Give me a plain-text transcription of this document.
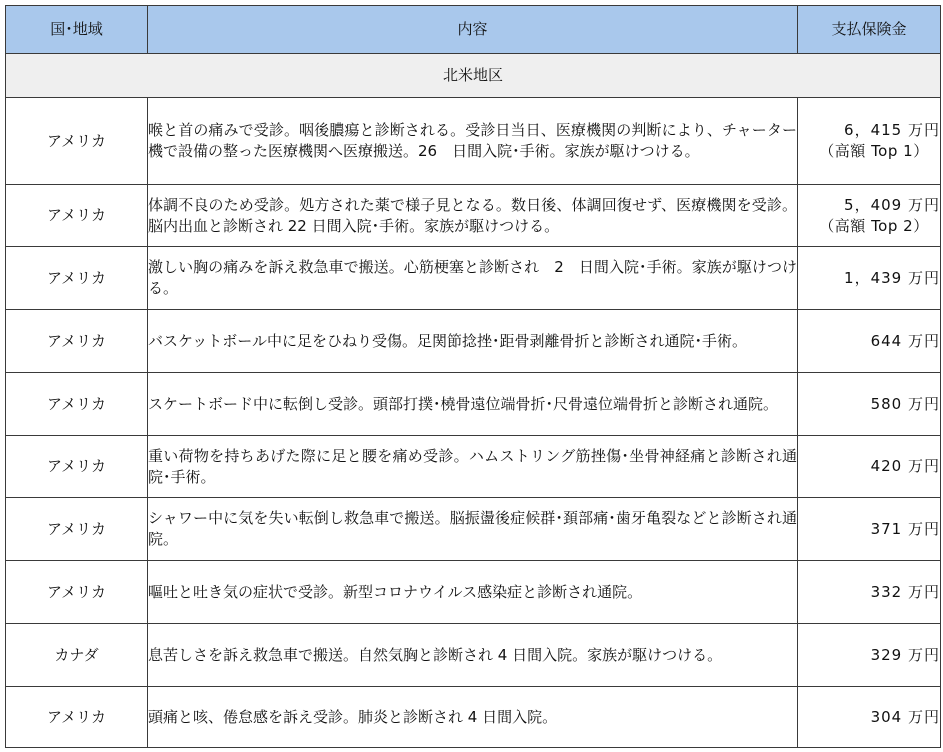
国･地域	内容	支払保険金
北米地区		
アメリカ	喉と首の痛みで受診。咽後膿瘍と診断される。受診日当日、医療機関の判断により、チャーター機で設備の整った医療機関へ医療搬送。26　日間入院･手術。家族が駆けつける。	6，415 万円
（高額 Top 1）

アメリカ	体調不良のため受診。処方された薬で様子見となる。数日後、体調回復せず、医療機関を受診。脳内出血と診断され 22 日間入院･手術。家族が駆けつける。	5，409 万円
（高額 Top 2）

アメリカ	激しい胸の痛みを訴え救急車で搬送。心筋梗塞と診断され　2　日間入院･手術。家族が駆けつける。	1，439 万円
アメリカ	バスケットボール中に足をひねり受傷。足関節捻挫･距骨剥離骨折と診断され通院･手術。	644 万円
アメリカ	スケートボード中に転倒し受診。頭部打撲･橈骨遠位端骨折･尺骨遠位端骨折と診断され通院。	580 万円
アメリカ	重い荷物を持ちあげた際に足と腰を痛め受診。ハムストリング筋挫傷･坐骨神経痛と診断され通院･手術。	420 万円
アメリカ	シャワー中に気を失い転倒し救急車で搬送。脳振盪後症候群･頚部痛･歯牙亀裂などと診断され通院。	371 万円
アメリカ	嘔吐と吐き気の症状で受診。新型コロナウイルス感染症と診断され通院。	332 万円
カナダ	息苦しさを訴え救急車で搬送。自然気胸と診断され 4 日間入院。家族が駆けつける。	329 万円
アメリカ	頭痛と咳、倦怠感を訴え受診。肺炎と診断され 4 日間入院。	304 万円
